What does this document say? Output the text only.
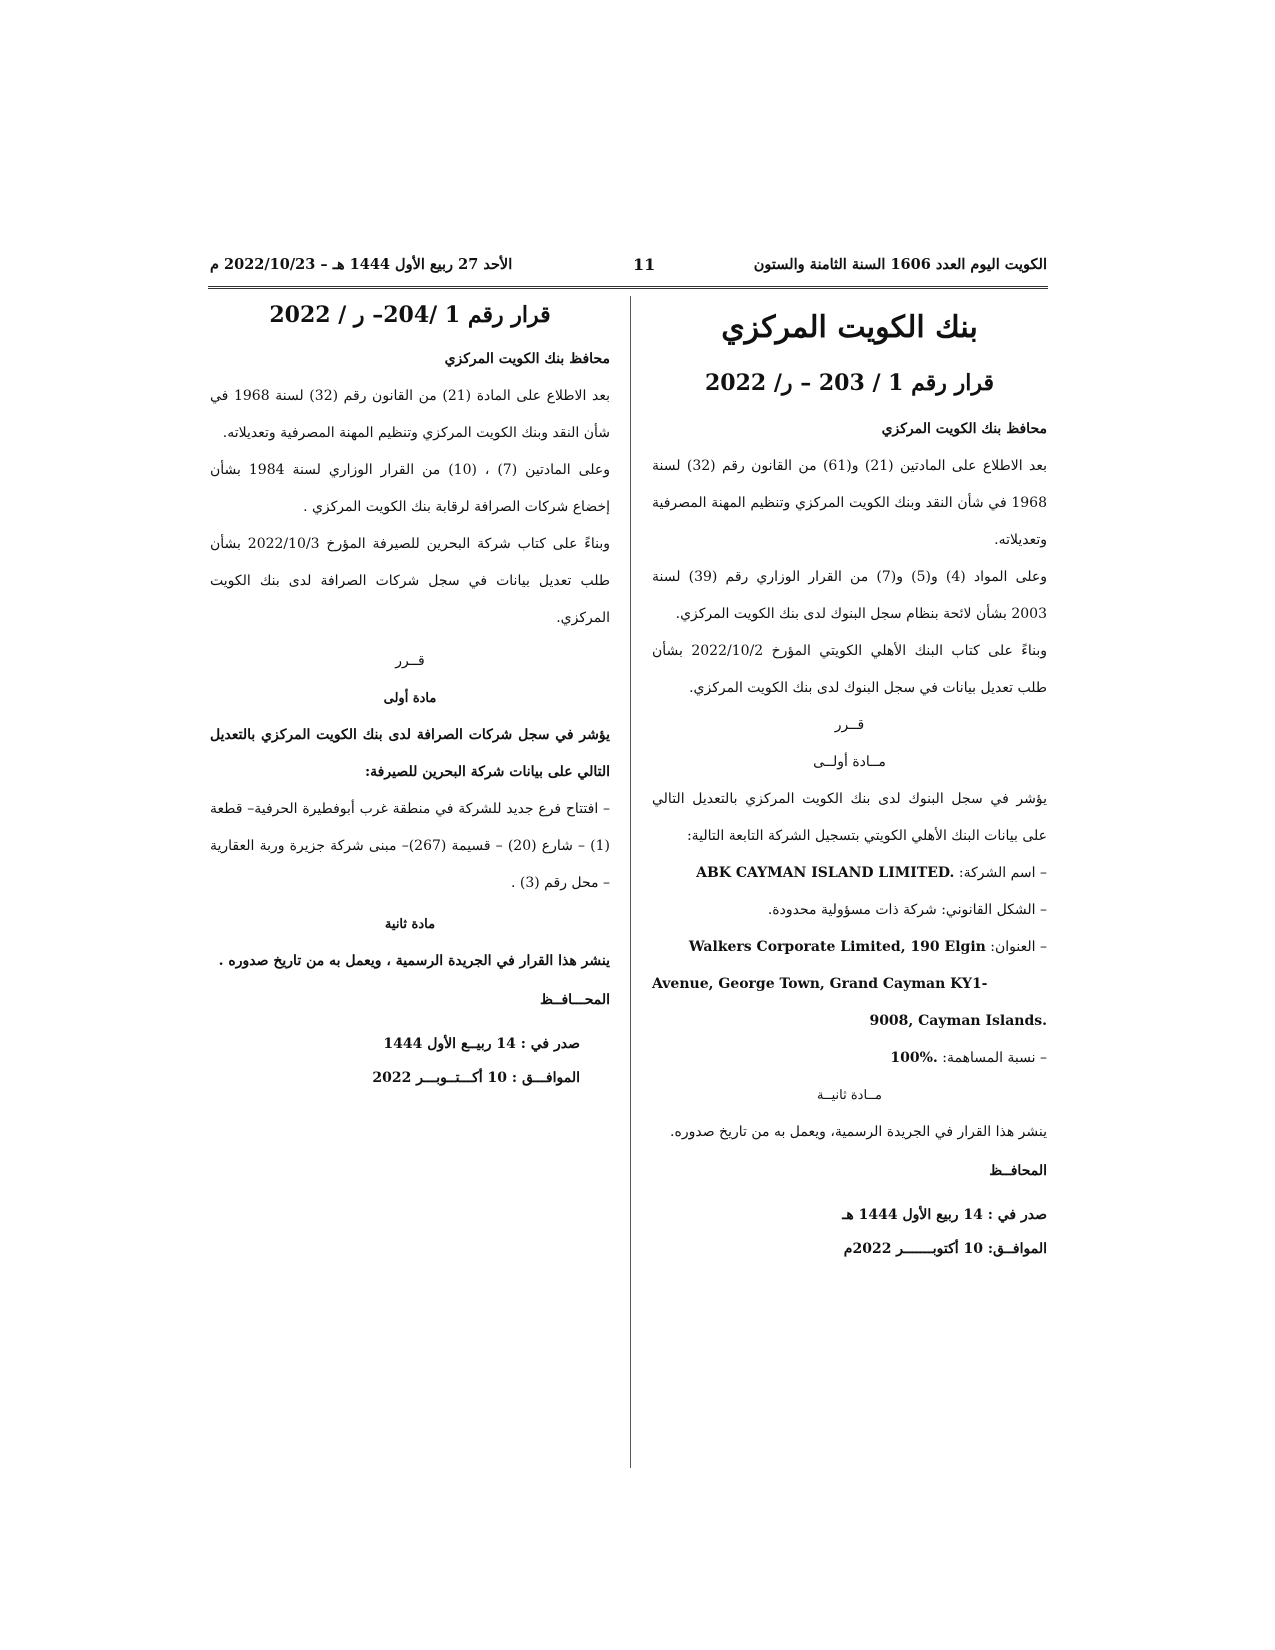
الكويت اليوم العدد 1606 السنة الثامنة والستون
11
الأحد 27 ربيع الأول 1444 هـ – 2022/10/23 م

بنك الكويت المركزي

قرار رقم 1 / 203 – ر/ 2022

محافظ بنك الكويت المركزي

بعد الاطلاع على المادتين (21) و(61) من القانون رقم (32) لسنة 1968 في شأن النقد وبنك الكويت المركزي وتنظيم المهنة المصرفية وتعديلاته.

وعلى المواد (4) و(5) و(7) من القرار الوزاري رقم (39) لسنة 2003 بشأن لائحة بنظام سجل البنوك لدى بنك الكويت المركزي.

وبناءً على كتاب البنك الأهلي الكويتي المؤرخ 2022/10/2 بشأن طلب تعديل بيانات في سجل البنوك لدى بنك الكويت المركزي.

قــرر

مــادة أولــى

يؤشر في سجل البنوك لدى بنك الكويت المركزي بالتعديل التالي على بيانات البنك الأهلي الكويتي بتسجيل الشركة التابعة التالية:

– اسم الشركة: ABK CAYMAN ISLAND LIMITED.

– الشكل القانوني: شركة ذات مسؤولية محدودة.

– العنوان: Walkers Corporate Limited, 190 Elgin

Avenue, George Town, Grand Cayman KY1-
9008, Cayman Islands.

– نسبة المساهمة: 100%.

مــادة ثانيــة

ينشر هذا القرار في الجريدة الرسمية، ويعمل به من تاريخ صدوره.

المحافــظ

صدر في : 14 ربيع الأول 1444 هـ

الموافــق: 10 أكتوبـــــــر 2022م

قرار رقم 1 /204– ر / 2022

محافظ بنك الكويت المركزي

بعد الاطلاع على المادة (21) من القانون رقم (32) لسنة 1968 في شأن النقد وبنك الكويت المركزي وتنظيم المهنة المصرفية وتعديلاته.

وعلى المادتين (7) ، (10) من القرار الوزاري لسنة 1984 بشأن إخضاع شركات الصرافة لرقابة بنك الكويت المركزي .

وبناءً على كتاب شركة البحرين للصيرفة المؤرخ 2022/10/3 بشأن طلب تعديل بيانات في سجل شركات الصرافة لدى بنك الكويت المركزي.

قــرر

مادة أولى

يؤشر في سجل شركات الصرافة لدى بنك الكويت المركزي بالتعديل التالي على بيانات شركة البحرين للصيرفة:

– افتتاح فرع جديد للشركة في منطقة غرب أبوفطيرة الحرفية– قطعة (1) – شارع (20) – قسيمة (267)– مبنى شركة جزيرة وربة العقارية – محل رقم (3) .

مادة ثانية

ينشر هذا القرار في الجريدة الرسمية ، ويعمل به من تاريخ صدوره .

المحـــافــظ

صدر في : 14 ربيــع الأول 1444

الموافـــق : 10 أكـــتــوبـــر 2022
